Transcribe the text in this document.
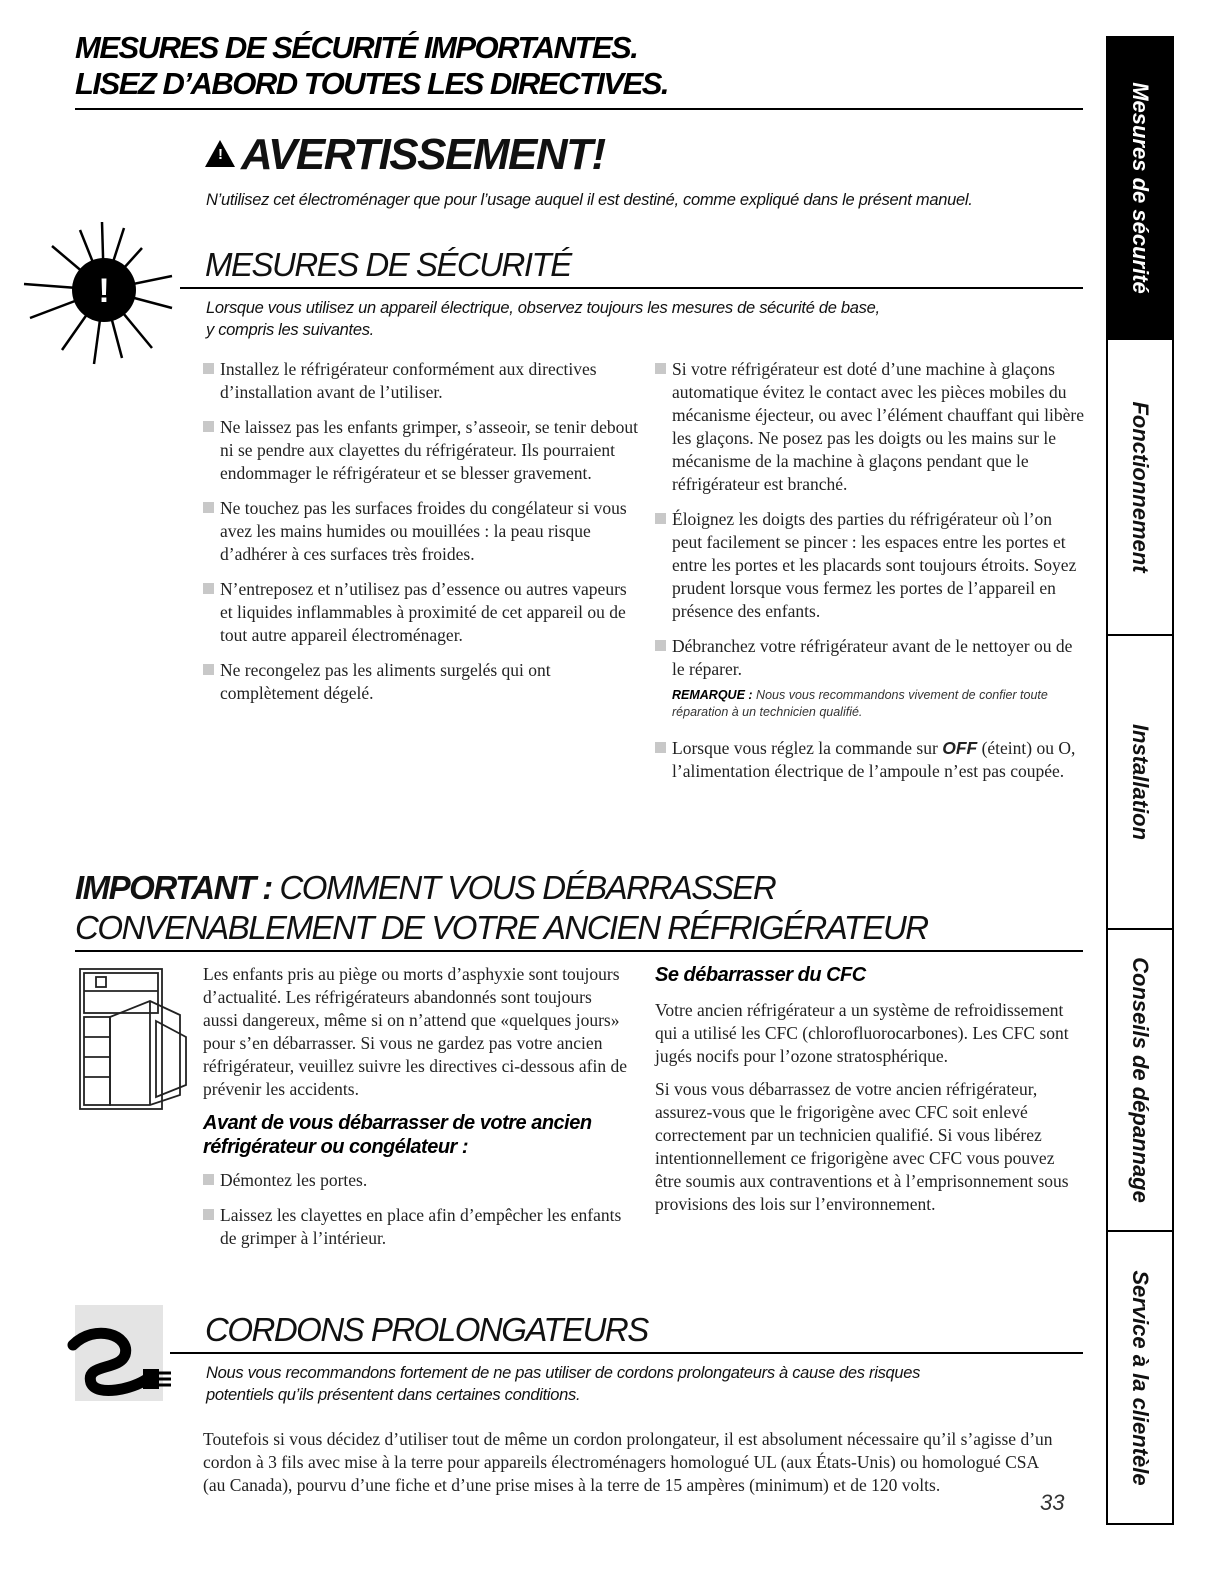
MESURES DE SÉCURITÉ IMPORTANTES.
LISEZ D’ABORD TOUTES LES DIRECTIVES.
! AVERTISSEMENT!
N’utilisez cet électroménager que pour l’usage auquel il est destiné, comme expliqué dans le présent manuel.
!
MESURES DE SÉCURITÉ
Lorsque vous utilisez un appareil électrique, observez toujours les mesures de sécurité de base,
y compris les suivantes.
Installez le réfrigérateur conformément aux directives d’installation avant de l’utiliser.
Ne laissez pas les enfants grimper, s’asseoir, se tenir debout ni se pendre aux clayettes du réfrigérateur. Ils pourraient endommager le réfrigérateur et se blesser gravement.
Ne touchez pas les surfaces froides du congélateur si vous avez les mains humides ou mouillées : la peau risque d’adhérer à ces surfaces très froides.
N’entreposez et n’utilisez pas d’essence ou autres vapeurs et liquides inflammables à proximité de cet appareil ou de tout autre appareil électroménager.
Ne recongelez pas les aliments surgelés qui ont complètement dégelé.
Si votre réfrigérateur est doté d’une machine à glaçons automatique évitez le contact avec les pièces mobiles du mécanisme éjecteur, ou avec l’élément chauffant qui libère les glaçons. Ne posez pas les doigts ou les mains sur le mécanisme de la machine à glaçons pendant que le réfrigérateur est branché.
Éloignez les doigts des parties du réfrigérateur où l’on peut facilement se pincer : les espaces entre les portes et entre les portes et les placards sont toujours étroits. Soyez prudent lorsque vous fermez les portes de l’appareil en présence des enfants.
Débranchez votre réfrigérateur avant de le nettoyer ou de le réparer.
REMARQUE : Nous vous recommandons vivement de confier toute réparation à un technicien qualifié.
Lorsque vous réglez la commande sur OFF (éteint) ou O, l’alimentation électrique de l’ampoule n’est pas coupée.
IMPORTANT : COMMENT VOUS DÉBARRASSER
CONVENABLEMENT DE VOTRE ANCIEN RÉFRIGÉRATEUR
Les enfants pris au piège ou morts d’asphyxie sont toujours d’actualité. Les réfrigérateurs abandonnés sont toujours aussi dangereux, même si on n’attend que «quelques jours» pour s’en débarrasser. Si vous ne gardez pas votre ancien réfrigérateur, veuillez suivre les directives ci-dessous afin de prévenir les accidents.
Avant de vous débarrasser de votre ancien réfrigérateur ou congélateur :
Démontez les portes.
Laissez les clayettes en place afin d’empêcher les enfants de grimper à l’intérieur.
Se débarrasser du CFC
Votre ancien réfrigérateur a un système de refroidissement qui a utilisé les CFC (chlorofluorocarbones). Les CFC sont jugés nocifs pour l’ozone stratosphérique.
Si vous vous débarrassez de votre ancien réfrigérateur, assurez-vous que le frigorigène avec CFC soit enlevé correctement par un technicien qualifié. Si vous libérez intentionnellement ce frigorigène avec CFC vous pouvez être soumis aux contraventions et à l’emprisonnement sous provisions des lois sur l’environnement.
CORDONS PROLONGATEURS
Nous vous recommandons fortement de ne pas utiliser de cordons prolongateurs à cause des risques
potentiels qu’ils présentent dans certaines conditions.
Toutefois si vous décidez d’utiliser tout de même un cordon prolongateur, il est absolument nécessaire qu’il s’agisse d’un cordon à 3 fils avec mise à la terre pour appareils électroménagers homologué UL (aux États-Unis) ou homologué CSA (au Canada), pourvu d’une fiche et d’une prise mises à la terre de 15 ampères (minimum) et de 120 volts.
33
Mesures de sécurité
Fonctionnement
Installation
Conseils de dépannage
Service à la clientèle
